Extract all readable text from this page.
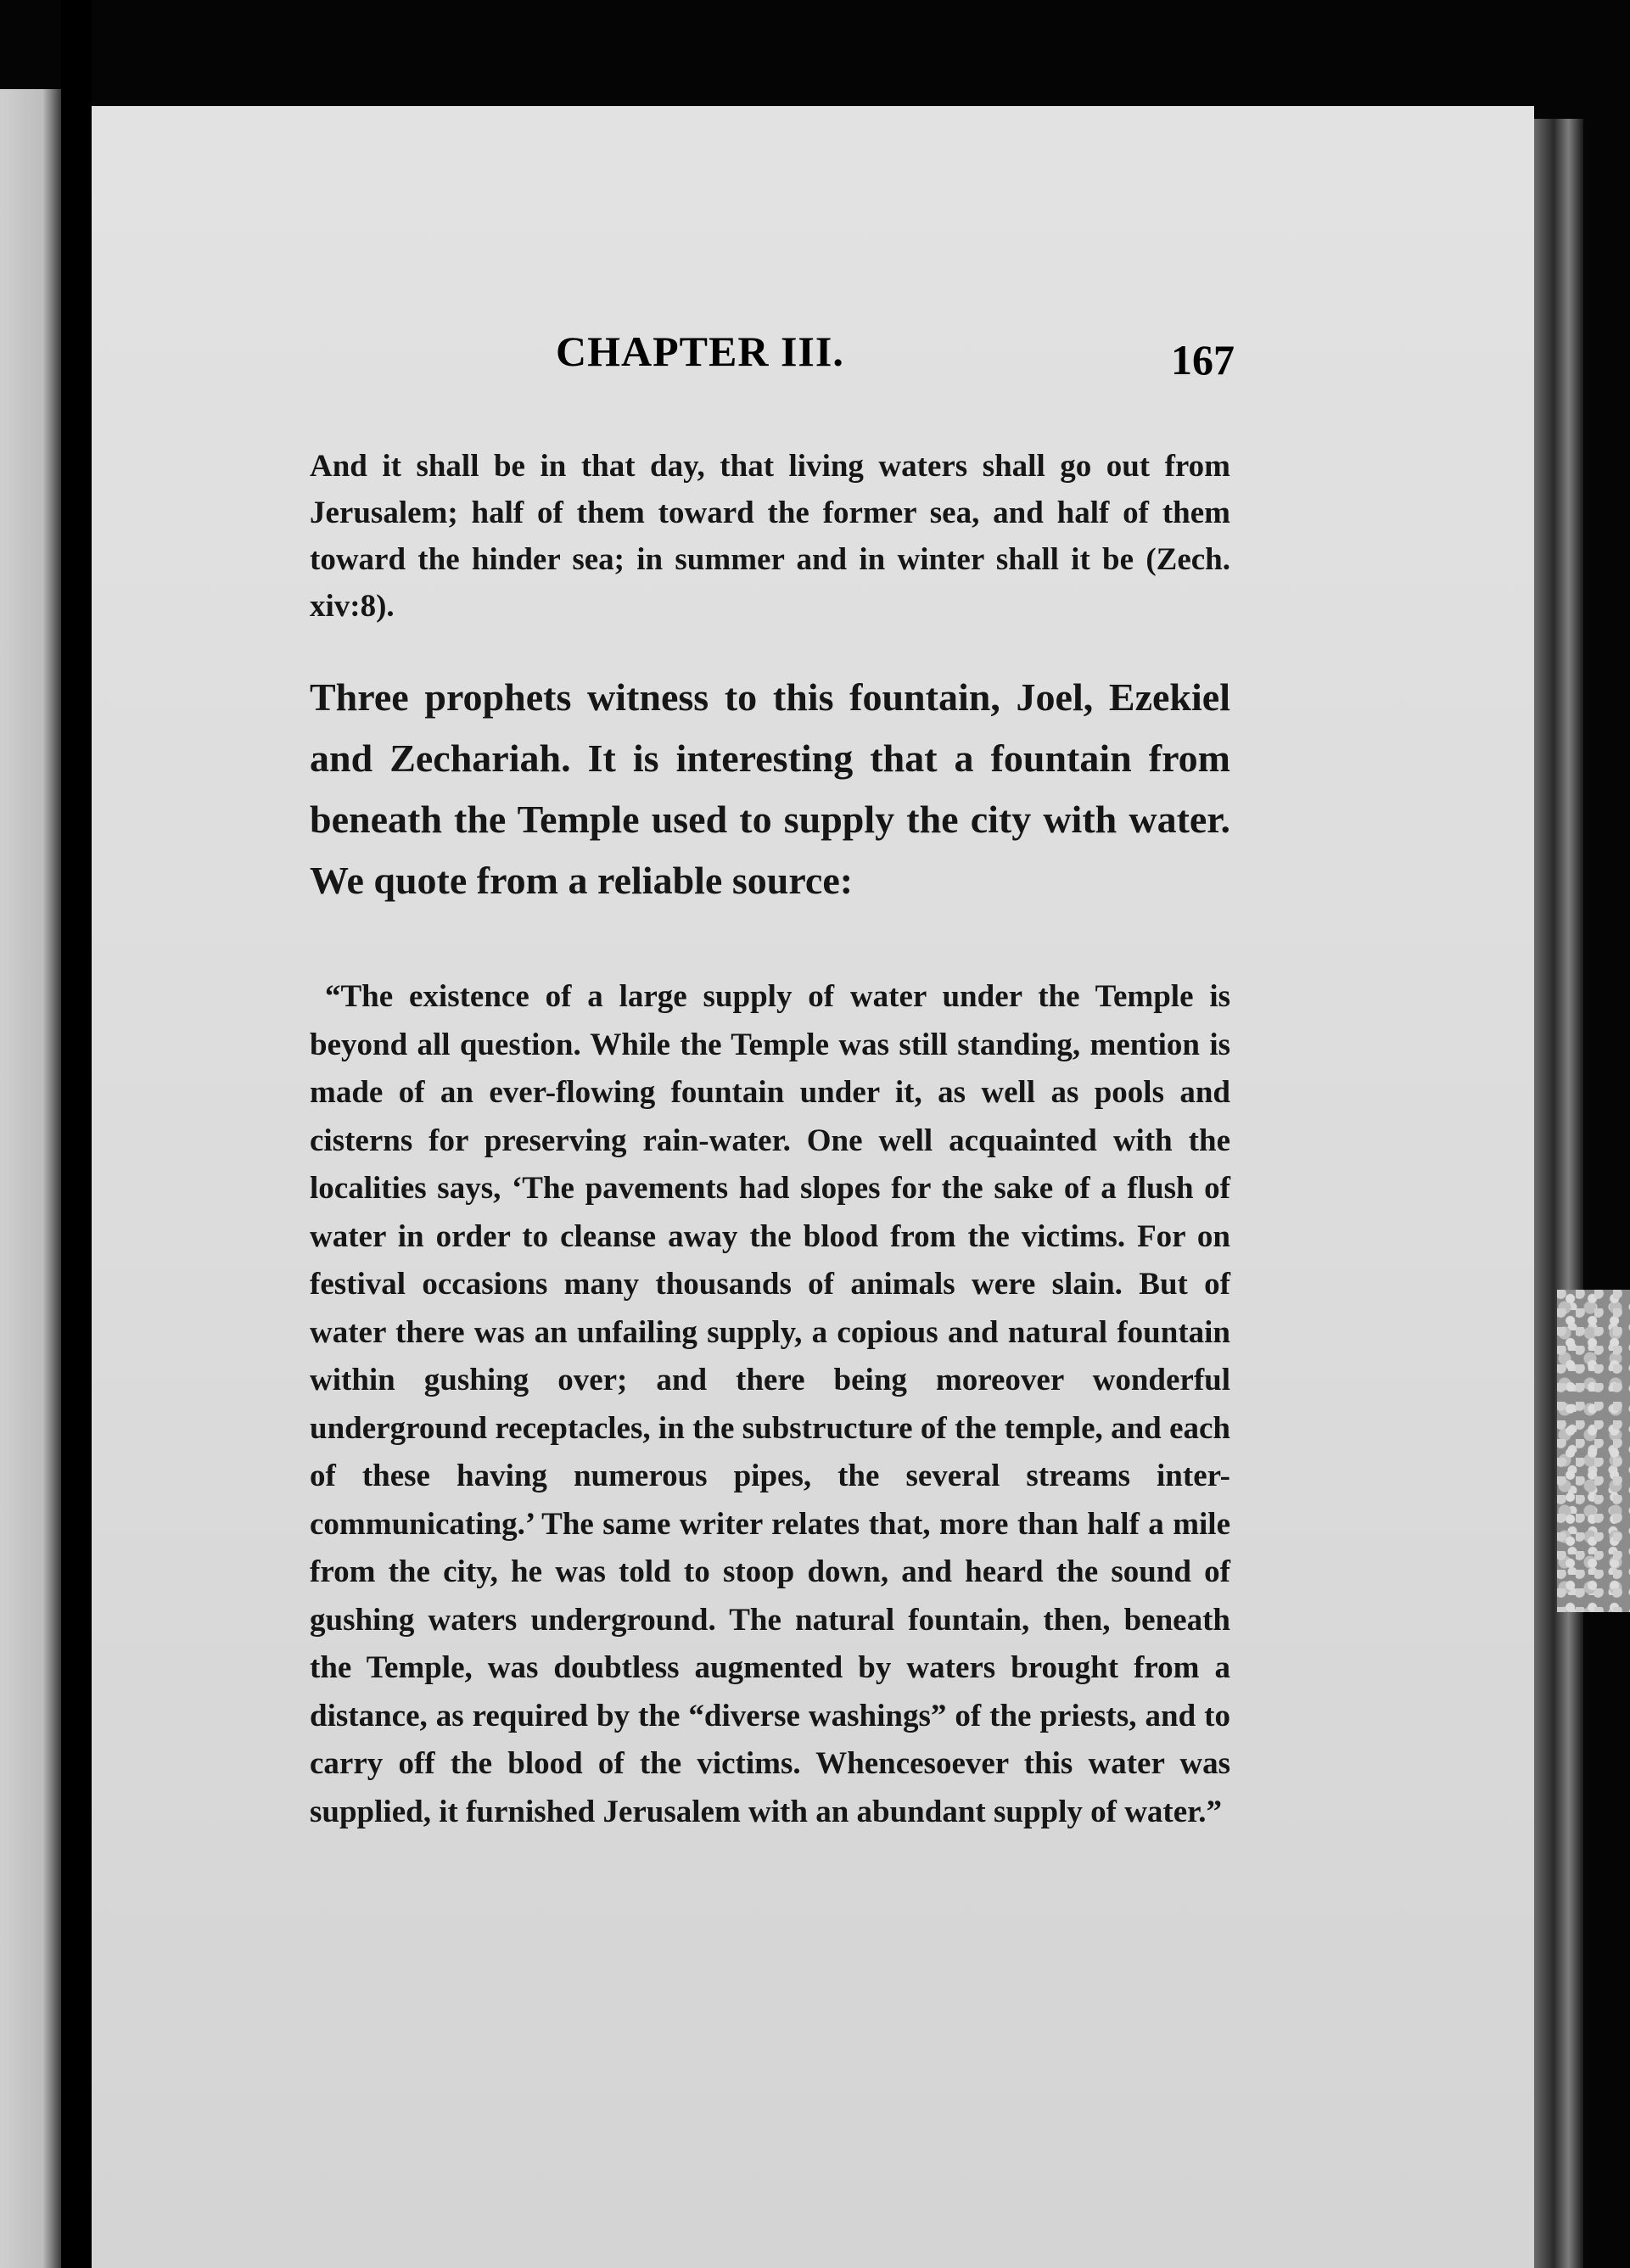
CHAPTER III.	167

And it shall be in that day, that living waters shall go out from Jerusalem; half of them toward the former sea, and half of them toward the hinder sea; in summer and in winter shall it be (Zech. xiv:8).

Three prophets witness to this fountain, Joel, Ezekiel and Zechariah. It is interesting that a fountain from beneath the Temple used to supply the city with water. We quote from a reliable source:

“The existence of a large supply of water under the Temple is beyond all question. While the Temple was still standing, mention is made of an ever-flowing fountain under it, as well as pools and cisterns for preserving rain-water. One well acquainted with the localities says, ‘The pavements had slopes for the sake of a flush of water in order to cleanse away the blood from the victims. For on festival occasions many thousands of animals were slain. But of water there was an unfailing supply, a copious and natural fountain within gushing over; and there being moreover wonderful underground receptacles, in the substructure of the temple, and each of these having numerous pipes, the several streams inter-communicating.’ The same writer relates that, more than half a mile from the city, he was told to stoop down, and heard the sound of gushing waters underground. The natural fountain, then, beneath the Temple, was doubtless augmented by waters brought from a distance, as required by the “diverse washings” of the priests, and to carry off the blood of the victims. Whencesoever this water was supplied, it furnished Jerusalem with an abundant supply of water.”
